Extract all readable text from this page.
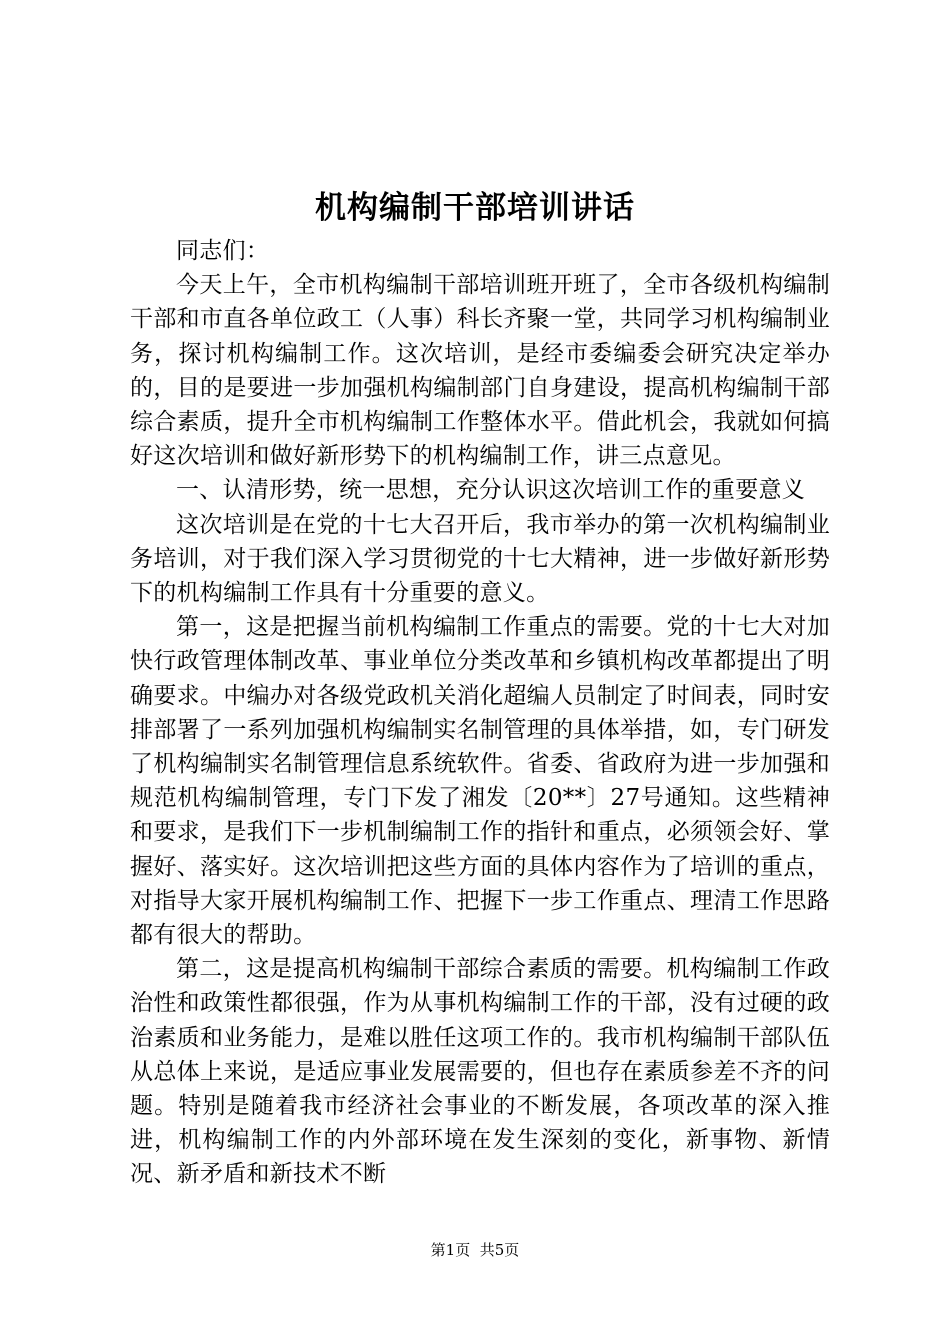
机构编制干部培训讲话

同志们：

今天上午，全市机构编制干部培训班开班了，全市各级机构编制干部和市直各单位政工（人事）科长齐聚一堂，共同学习机构编制业务，探讨机构编制工作。这次培训，是经市委编委会研究决定举办的，目的是要进一步加强机构编制部门自身建设，提高机构编制干部综合素质，提升全市机构编制工作整体水平。借此机会，我就如何搞好这次培训和做好新形势下的机构编制工作，讲三点意见。

一、认清形势，统一思想，充分认识这次培训工作的重要意义

这次培训是在党的十七大召开后，我市举办的第一次机构编制业务培训，对于我们深入学习贯彻党的十七大精神，进一步做好新形势下的机构编制工作具有十分重要的意义。

第一，这是把握当前机构编制工作重点的需要。党的十七大对加快行政管理体制改革、事业单位分类改革和乡镇机构改革都提出了明确要求。中编办对各级党政机关消化超编人员制定了时间表，同时安排部署了一系列加强机构编制实名制管理的具体举措，如，专门研发了机构编制实名制管理信息系统软件。省委、省政府为进一步加强和规范机构编制管理，专门下发了湘发〔20**〕27号通知。这些精神和要求，是我们下一步机制编制工作的指针和重点，必须领会好、掌握好、落实好。这次培训把这些方面的具体内容作为了培训的重点，对指导大家开展机构编制工作、把握下一步工作重点、理清工作思路都有很大的帮助。

第二，这是提高机构编制干部综合素质的需要。机构编制工作政治性和政策性都很强，作为从事机构编制工作的干部，没有过硬的政治素质和业务能力，是难以胜任这项工作的。我市机构编制干部队伍从总体上来说，是适应事业发展需要的，但也存在素质参差不齐的问题。特别是随着我市经济社会事业的不断发展，各项改革的深入推进，机构编制工作的内外部环境在发生深刻的变化，新事物、新情况、新矛盾和新技术不断

第1页 共5页
